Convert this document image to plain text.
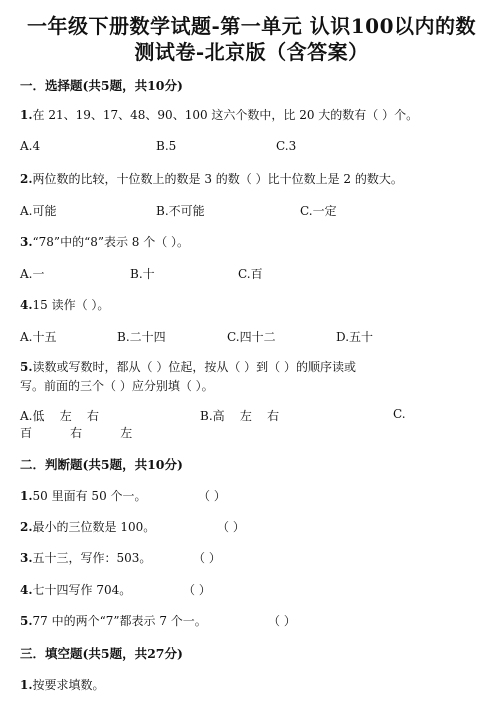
一年级下册数学试题-第一单元 认识100以内的数
测试卷-北京版（含答案）
一．选择题(共5题，共10分)
1.在 21、19、17、48、90、100 这六个数中，比 20 大的数有（ ）个。
A.4	B.5	C.3
2.两位数的比较，十位数上的数是 3 的数（ ）比十位数上是 2 的数大。
A.可能	B.不可能	C.一定
3.“78”中的“8”表示 8 个（ ）。
A.一	B.十	C.百
4.15 读作（ ）。
A.十五	B.二十四	C.四十二	D.五十
5.读数或写数时，都从（ ）位起，按从（ ）到（ ）的顺序读或
写。前面的三个（ ）应分别填（ ）。
A.低    左    右	B.高    左    右	C.
百          右          左
二．判断题(共5题，共10分)
1.50 里面有 50 个一。	（ ）
2.最小的三位数是 100。	（ ）
3.五十三，写作：503。	（ ）
4.七十四写作 704。	（ ）
5.77 中的两个“7”都表示 7 个一。	（ ）
三．填空题(共5题，共27分)
1.按要求填数。
